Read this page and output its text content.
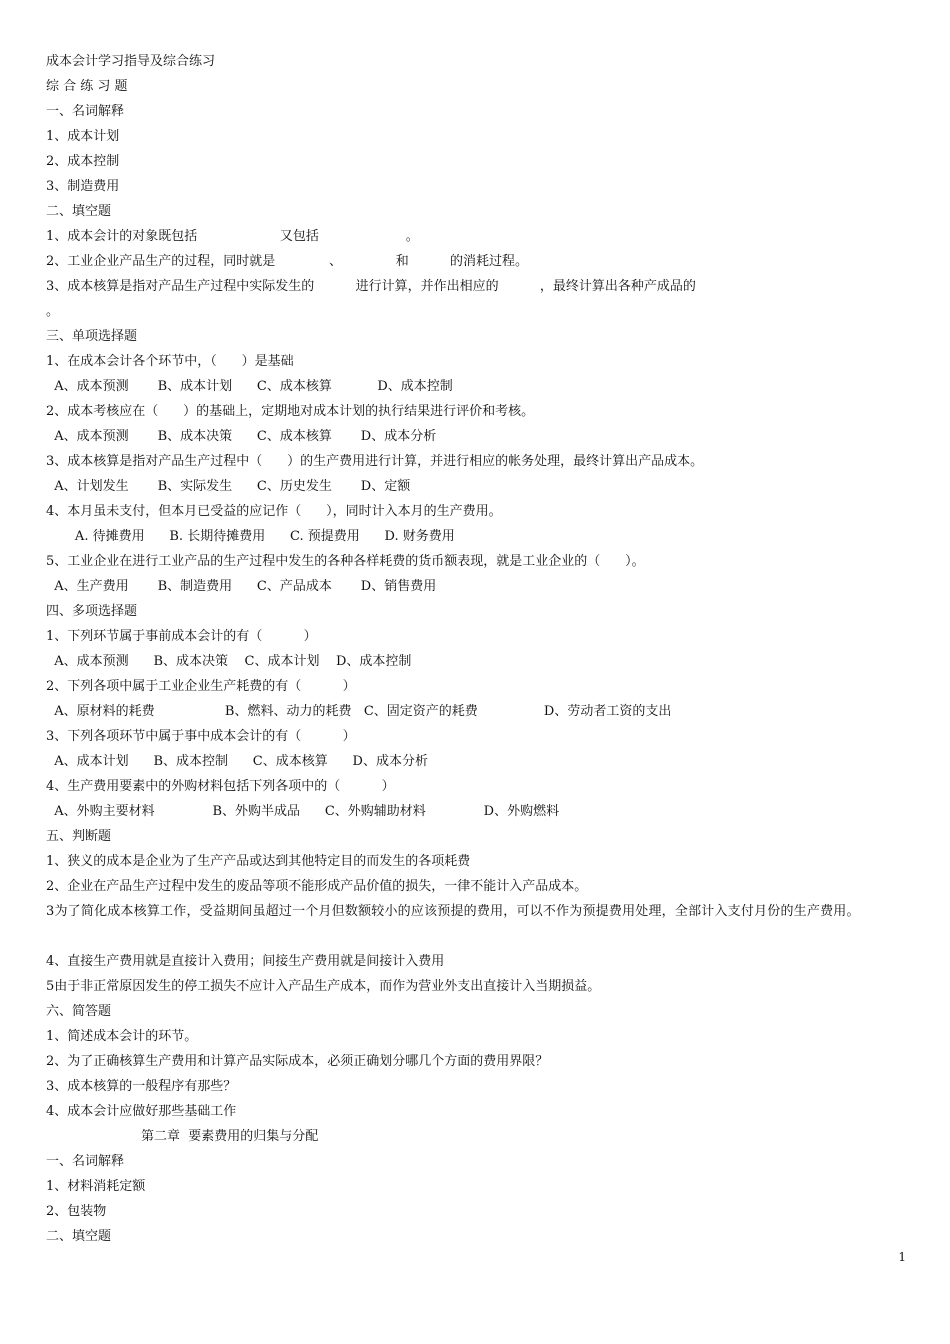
成本会计学习指导及综合练习
综 合 练 习 题
一、名词解释
1、成本计划
2、成本控制
3、制造费用
二、填空题
1、成本会计的对象既包括                    又包括                     。
2、工业企业产品生产的过程，同时就是             、             和          的消耗过程。
3、成本核算是指对产品生产过程中实际发生的          进行计算，并作出相应的          ，最终计算出各种产成品的
。
三、单项选择题
1、在成本会计各个环节中，（      ）是基础
A、成本预测       B、成本计划      C、成本核算           D、成本控制
2、成本考核应在（      ）的基础上，定期地对成本计划的执行结果进行评价和考核。
A、成本预测       B、成本决策      C、成本核算       D、成本分析
3、成本核算是指对产品生产过程中（      ）的生产费用进行计算，并进行相应的帐务处理，最终计算出产品成本。
A、计划发生       B、实际发生      C、历史发生       D、定额
4、本月虽未支付，但本月已受益的应记作（      ），同时计入本月的生产费用。
A. 待摊费用      B. 长期待摊费用      C. 预提费用      D. 财务费用
5、工业企业在进行工业产品的生产过程中发生的各种各样耗费的货币额表现，就是工业企业的（      ）。
A、生产费用       B、制造费用      C、产品成本       D、销售费用
四、多项选择题
1、下列环节属于事前成本会计的有（          ）
A、成本预测      B、成本决策    C、成本计划    D、成本控制
2、下列各项中属于工业企业生产耗费的有（          ）
A、原材料的耗费                 B、燃料、动力的耗费   C、固定资产的耗费                D、劳动者工资的支出
3、下列各项环节中属于事中成本会计的有（          ）
A、成本计划      B、成本控制      C、成本核算      D、成本分析
4、生产费用要素中的外购材料包括下列各项中的（          ）
A、外购主要材料              B、外购半成品      C、外购辅助材料              D、外购燃料
五、判断题
1、狭义的成本是企业为了生产产品或达到其他特定目的而发生的各项耗费
2、企业在产品生产过程中发生的废品等项不能形成产品价值的损失，一律不能计入产品成本。
3为了简化成本核算工作，受益期间虽超过一个月但数额较小的应该预提的费用，可以不作为预提费用处理，全部计入支付月份的生产费用。
4、直接生产费用就是直接计入费用；间接生产费用就是间接计入费用
5由于非正常原因发生的停工损失不应计入产品生产成本，而作为营业外支出直接计入当期损益。
六、简答题
1、简述成本会计的环节。
2、为了正确核算生产费用和计算产品实际成本，必须正确划分哪几个方面的费用界限？
3、成本核算的一般程序有那些？
4、成本会计应做好那些基础工作
第二章  要素费用的归集与分配
一、名词解释
1、材料消耗定额
2、包装物
二、填空题
1
